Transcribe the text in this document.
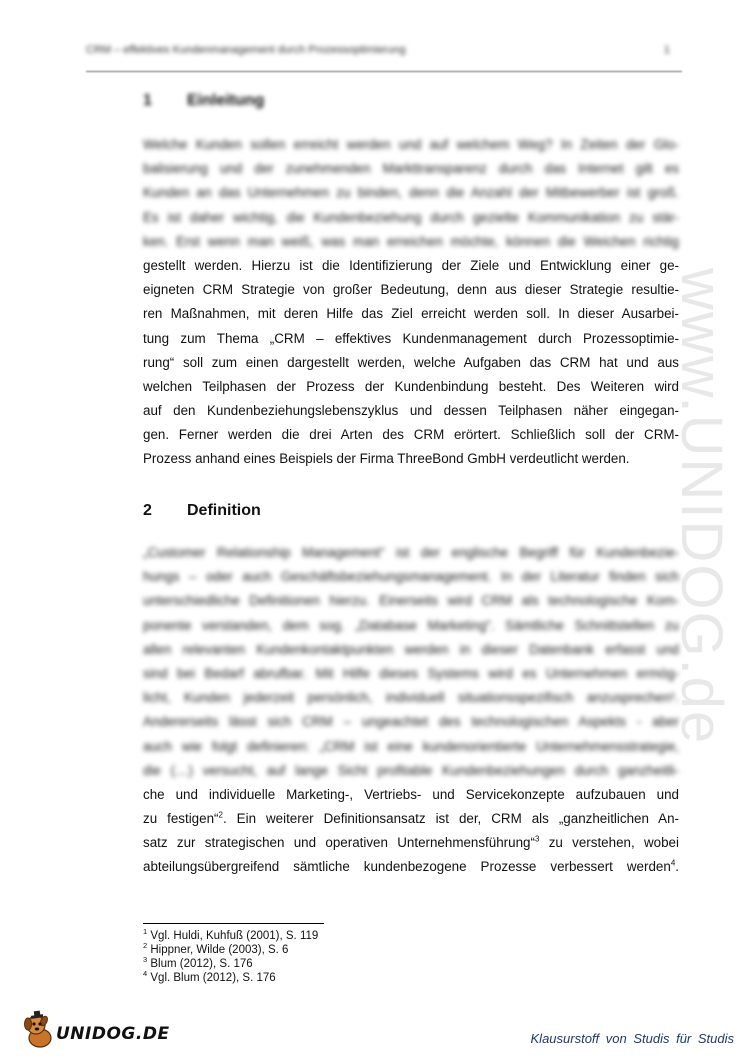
CRM – effektives Kundenmanagement durch Prozessoptimierung	1
www.UNIDOG.de
1 Einleitung
Welche Kunden sollen erreicht werden und auf welchem Weg? In Zeiten der Glo-
balisierung und der zunehmenden Markttransparenz durch das Internet gilt es
Kunden an das Unternehmen zu binden, denn die Anzahl der Mitbewerber ist groß.
Es ist daher wichtig, die Kundenbeziehung durch gezielte Kommunikation zu stär-
ken. Erst wenn man weiß, was man erreichen möchte, können die Weichen richtig
gestellt werden. Hierzu ist die Identifizierung der Ziele und Entwicklung einer ge-
eigneten CRM Strategie von großer Bedeutung, denn aus dieser Strategie resultie-
ren Maßnahmen, mit deren Hilfe das Ziel erreicht werden soll. In dieser Ausarbei-
tung zum Thema „CRM – effektives Kundenmanagement durch Prozessoptimie-
rung“ soll zum einen dargestellt werden, welche Aufgaben das CRM hat und aus
welchen Teilphasen der Prozess der Kundenbindung besteht. Des Weiteren wird
auf den Kundenbeziehungslebenszyklus und dessen Teilphasen näher eingegan-
gen. Ferner werden die drei Arten des CRM erörtert. Schließlich soll der CRM-
Prozess anhand eines Beispiels der Firma ThreeBond GmbH verdeutlicht werden.
2 Definition
„Customer Relationship Management“ ist der englische Begriff für Kundenbezie-
hungs – oder auch Geschäftsbeziehungsmanagement. In der Literatur finden sich
unterschiedliche Definitionen hierzu. Einerseits wird CRM als technologische Kom-
ponente verstanden, dem sog. „Database Marketing“. Sämtliche Schnittstellen zu
allen relevanten Kundenkontaktpunkten werden in dieser Datenbank erfasst und
sind bei Bedarf abrufbar. Mit Hilfe dieses Systems wird es Unternehmen ermög-
licht, Kunden jederzeit persönlich, individuell situationsspezifisch anzusprechen¹.
Andererseits lässt sich CRM – ungeachtet des technologischen Aspekts - aber
auch wie folgt definieren: „CRM ist eine kundenorientierte Unternehmensstrategie,
die (…) versucht, auf lange Sicht profitable Kundenbeziehungen durch ganzheitli-
che und individuelle Marketing-, Vertriebs- und Servicekonzepte aufzubauen und
zu festigen“$^2$. Ein weiterer Definitionsansatz ist der, CRM als „ganzheitlichen An-
satz zur strategischen und operativen Unternehmensführung“$^3$ zu verstehen, wobei
abteilungsübergreifend sämtliche kundenbezogene Prozesse verbessert werden$^4$.
$^1$ Vgl. Huldi, Kuhfuß (2001), S. 119
$^2$ Hippner, Wilde (2003), S. 6
$^3$ Blum (2012), S. 176
$^4$ Vgl. Blum (2012), S. 176
UNIDOG.DE	Klausurstoff von Studis für Studis
